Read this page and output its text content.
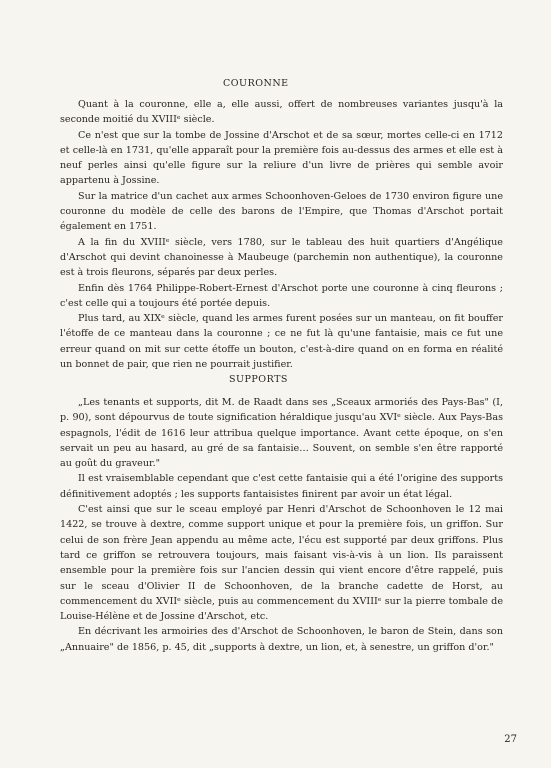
COURONNE

Quant à la couronne, elle a, elle aussi, offert de nombreuses variantes jusqu'à la seconde moitié du XVIIIᵉ siècle.

Ce n'est que sur la tombe de Jossine d'Arschot et de sa sœur, mortes celle-ci en 1712 et celle-là en 1731, qu'elle apparaît pour la première fois au-dessus des armes et elle est à neuf perles ainsi qu'elle figure sur la reliure d'un livre de prières qui semble avoir appartenu à Jossine.

Sur la matrice d'un cachet aux armes Schoonhoven-Geloes de 1730 environ figure une couronne du modèle de celle des barons de l'Empire, que Thomas d'Arschot portait également en 1751.

A la fin du XVIIIᵉ siècle, vers 1780, sur le tableau des huit quartiers d'Angélique d'Arschot qui devint chanoinesse à Maubeuge (parchemin non authentique), la couronne est à trois fleurons, séparés par deux perles.

Enfin dès 1764 Philippe-Robert-Ernest d'Arschot porte une couronne à cinq fleurons ; c'est celle qui a toujours été portée depuis.

Plus tard, au XIXᵉ siècle, quand les armes furent posées sur un manteau, on fit bouffer l'étoffe de ce manteau dans la couronne ; ce ne fut là qu'une fantaisie, mais ce fut une erreur quand on mit sur cette étoffe un bouton, c'est-à-dire quand on en forma en réalité un bonnet de pair, que rien ne pourrait justifier.

SUPPORTS

„Les tenants et supports, dit M. de Raadt dans ses „Sceaux armoriés des Pays-Bas" (I, p. 90), sont dépourvus de toute signification héraldique jusqu'au XVIᵉ siècle. Aux Pays-Bas espagnols, l'édit de 1616 leur attribua quelque importance. Avant cette époque, on s'en servait un peu au hasard, au gré de sa fantaisie… Souvent, on semble s'en être rapporté au goût du graveur."

Il est vraisemblable cependant que c'est cette fantaisie qui a été l'origine des supports définitivement adoptés ; les supports fantaisistes finirent par avoir un état légal.

C'est ainsi que sur le sceau employé par Henri d'Arschot de Schoonhoven le 12 mai 1422, se trouve à dextre, comme support unique et pour la première fois, un griffon. Sur celui de son frère Jean appendu au même acte, l'écu est supporté par deux griffons. Plus tard ce griffon se retrouvera toujours, mais faisant vis-à-vis à un lion. Ils paraissent ensemble pour la première fois sur l'ancien dessin qui vient encore d'être rappelé, puis sur le sceau d'Olivier II de Schoonhoven, de la branche cadette de Horst, au commencement du XVIIᵉ siècle, puis au commencement du XVIIIᵉ sur la pierre tombale de Louise-Hélène et de Jossine d'Arschot, etc.

En décrivant les armoiries des d'Arschot de Schoonhoven, le baron de Stein, dans son „Annuaire" de 1856, p. 45, dit „supports à dextre, un lion, et, à senestre, un griffon d'or."

27
